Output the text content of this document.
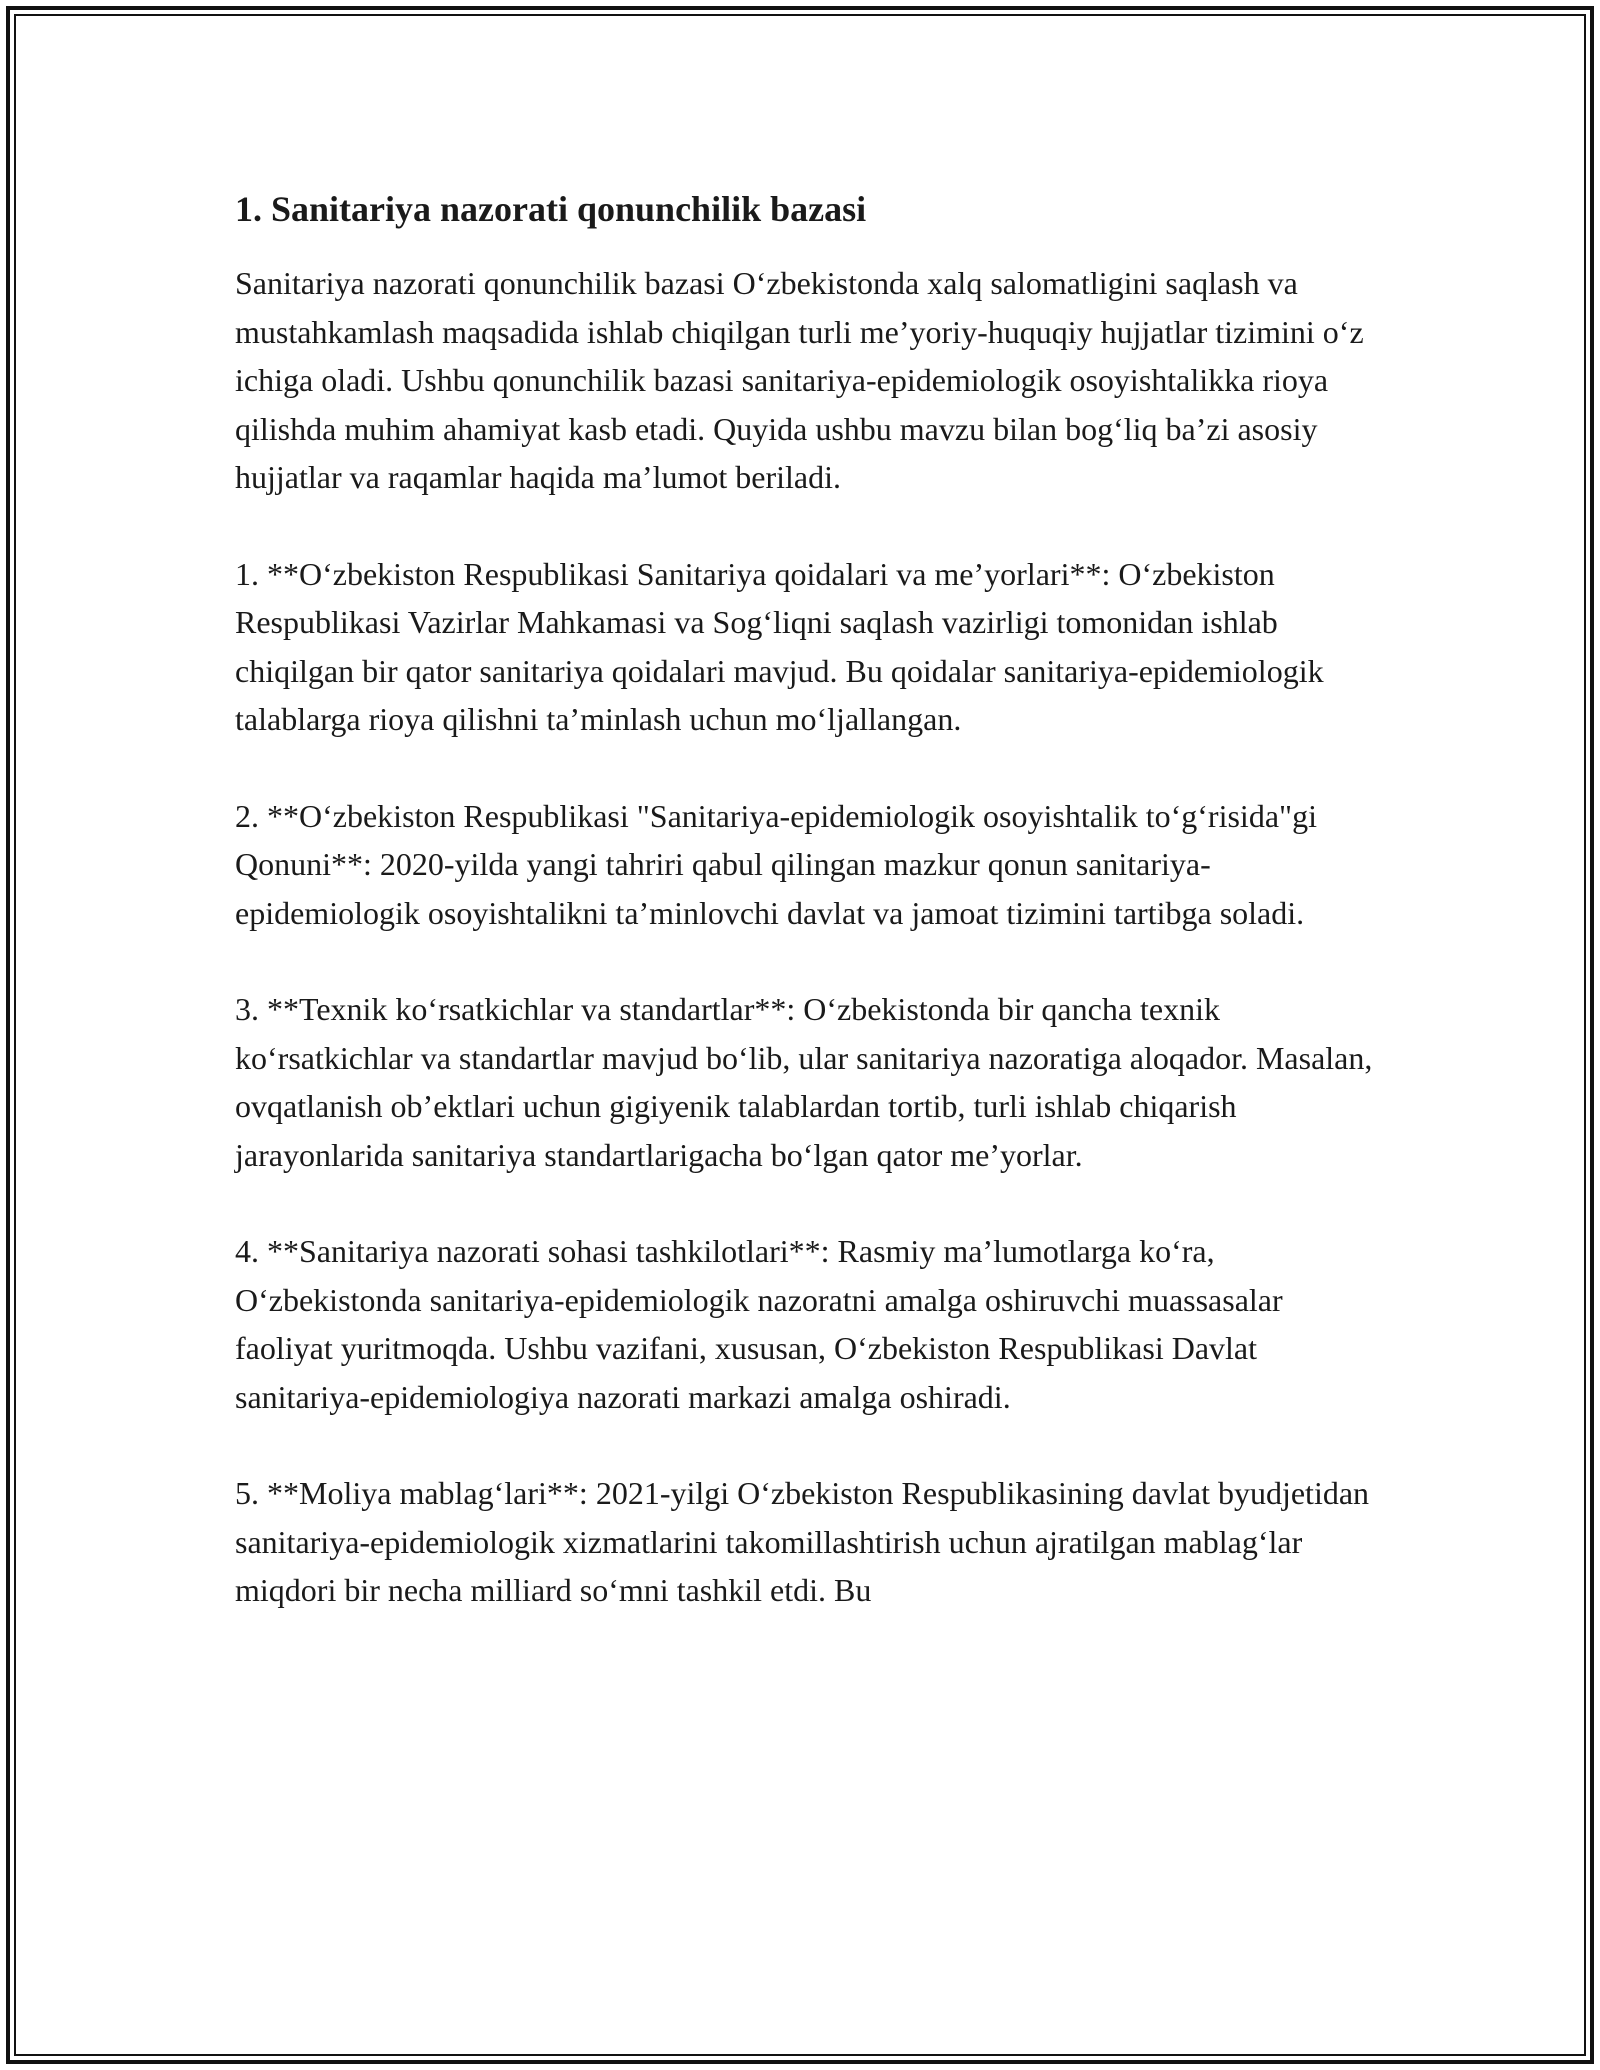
1. Sanitariya nazorati qonunchilik bazasi

Sanitariya nazorati qonunchilik bazasi O‘zbekistonda xalq salomatligini saqlash va mustahkamlash maqsadida ishlab chiqilgan turli me’yoriy-huquqiy hujjatlar tizimini o‘z ichiga oladi. Ushbu qonunchilik bazasi sanitariya-epidemiologik osoyishtalikka rioya qilishda muhim ahamiyat kasb etadi. Quyida ushbu mavzu bilan bog‘liq ba’zi asosiy hujjatlar va raqamlar haqida ma’lumot beriladi.

1. **O‘zbekiston Respublikasi Sanitariya qoidalari va me’yorlari**: O‘zbekiston Respublikasi Vazirlar Mahkamasi va Sog‘liqni saqlash vazirligi tomonidan ishlab chiqilgan bir qator sanitariya qoidalari mavjud. Bu qoidalar sanitariya-epidemiologik talablarga rioya qilishni ta’minlash uchun mo‘ljallangan.

2. **O‘zbekiston Respublikasi "Sanitariya-epidemiologik osoyishtalik to‘g‘risida"gi Qonuni**: 2020-yilda yangi tahriri qabul qilingan mazkur qonun sanitariya-epidemiologik osoyishtalikni ta’minlovchi davlat va jamoat tizimini tartibga soladi.

3. **Texnik ko‘rsatkichlar va standartlar**: O‘zbekistonda bir qancha texnik ko‘rsatkichlar va standartlar mavjud bo‘lib, ular sanitariya nazoratiga aloqador. Masalan, ovqatlanish ob’ektlari uchun gigiyenik talablardan tortib, turli ishlab chiqarish jarayonlarida sanitariya standartlarigacha bo‘lgan qator me’yorlar.

4. **Sanitariya nazorati sohasi tashkilotlari**: Rasmiy ma’lumotlarga ko‘ra, O‘zbekistonda sanitariya-epidemiologik nazoratni amalga oshiruvchi muassasalar faoliyat yuritmoqda. Ushbu vazifani, xususan, O‘zbekiston Respublikasi Davlat sanitariya-epidemiologiya nazorati markazi amalga oshiradi.

5. **Moliya mablag‘lari**: 2021-yilgi O‘zbekiston Respublikasining davlat byudjetidan sanitariya-epidemiologik xizmatlarini takomillashtirish uchun ajratilgan mablag‘lar miqdori bir necha milliard so‘mni tashkil etdi. Bu
